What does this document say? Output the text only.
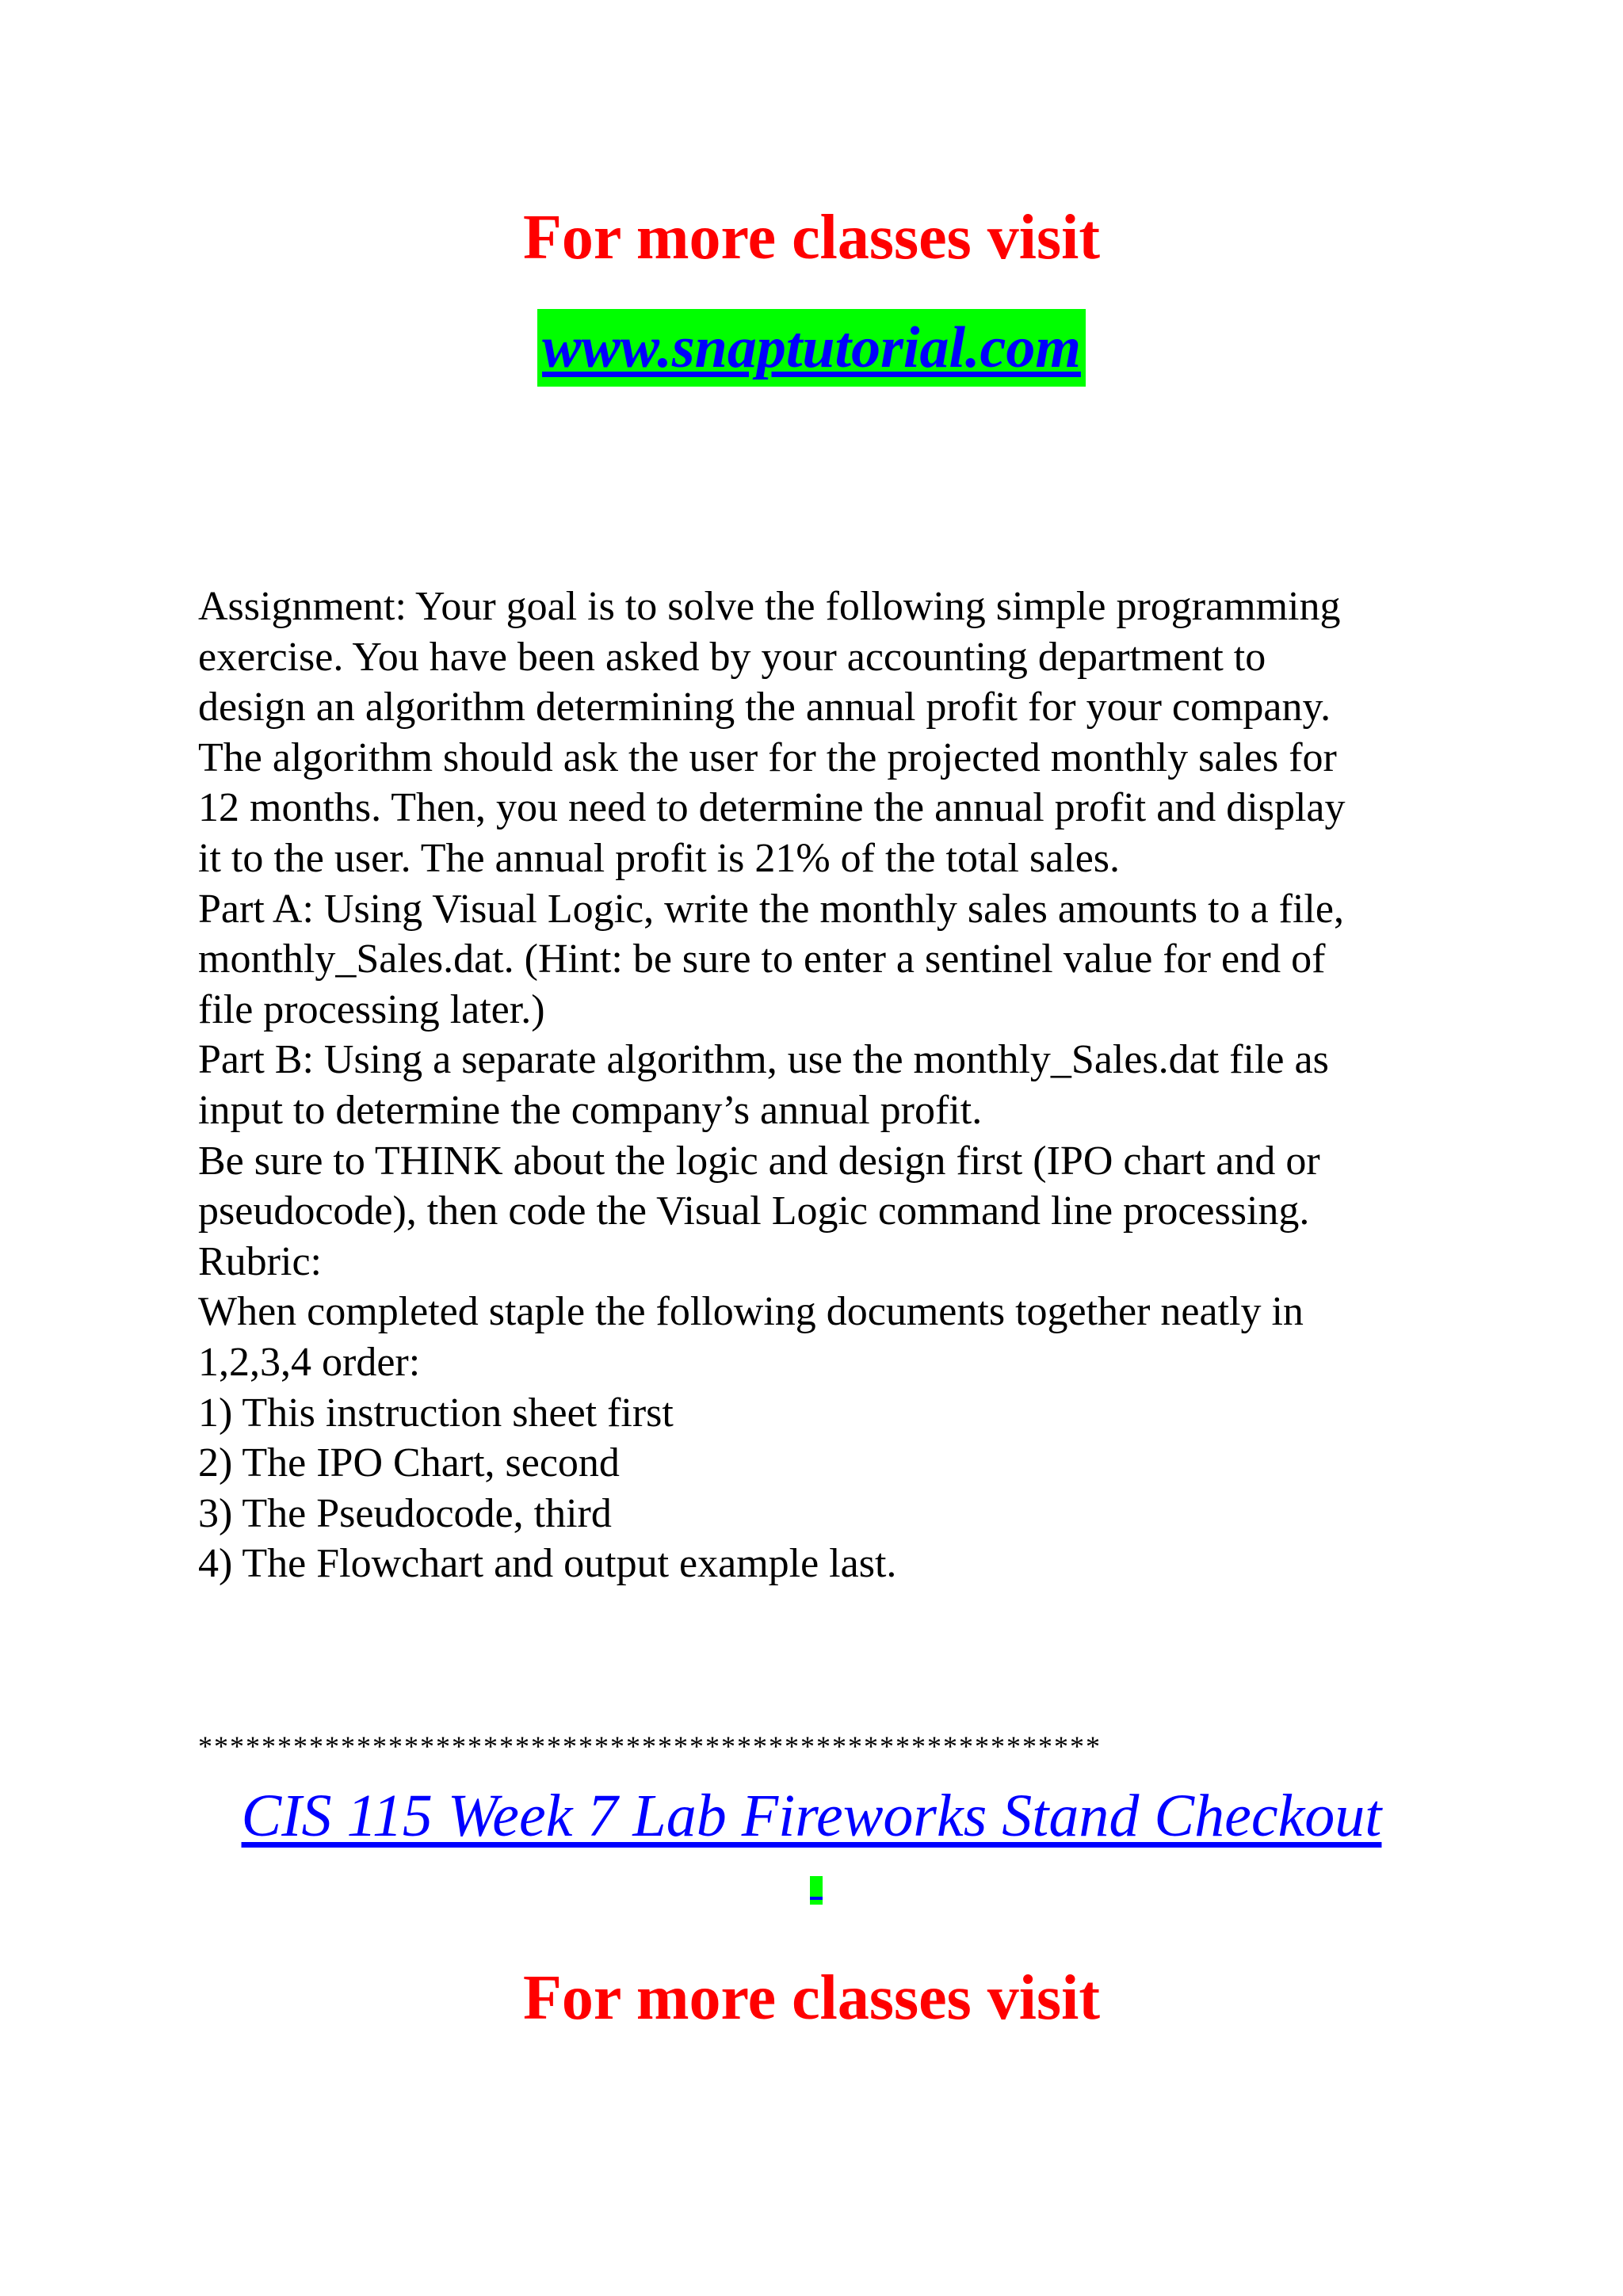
For more classes visit
www.snaptutorial.com

Assignment: Your goal is to solve the following simple programming

exercise. You have been asked by your accounting department to

design an algorithm determining the annual profit for your company.

The algorithm should ask the user for the projected monthly sales for

12 months. Then, you need to determine the annual profit and display

it to the user. The annual profit is 21% of the total sales.

Part A: Using Visual Logic, write the monthly sales amounts to a file,

monthly_Sales.dat. (Hint: be sure to enter a sentinel value for end of

file processing later.)

Part B: Using a separate algorithm, use the monthly_Sales.dat file as

input to determine the company’s annual profit.

Be sure to THINK about the logic and design first (IPO chart and or

pseudocode), then code the Visual Logic command line processing.

Rubric:

When completed staple the following documents together neatly in

1,2,3,4 order:

1) This instruction sheet first

2) The IPO Chart, second

3) The Pseudocode, third

4) The Flowchart and output example last.

*********************************************************
CIS 115 Week 7 Lab Fireworks Stand Checkout
For more classes visit
